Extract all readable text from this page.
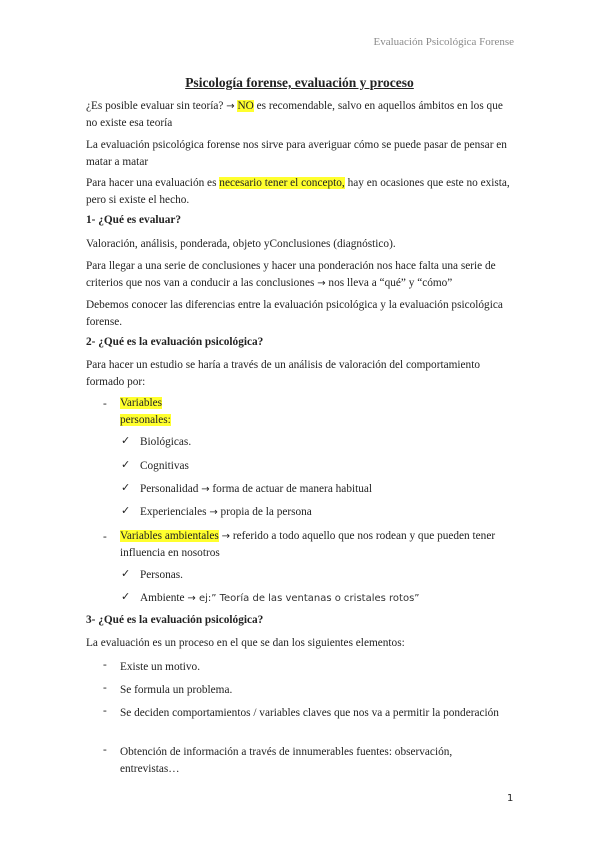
Evaluación Psicológica Forense
Psicología forense, evaluación y proceso
¿Es posible evaluar sin teoría? → NO es recomendable, salvo en aquellos ámbitos en los que no existe esa teoría
La evaluación psicológica forense nos sirve para averiguar cómo se puede pasar de pensar en matar a matar
Para hacer una evaluación es necesario tener el concepto, hay en ocasiones que este no exista, pero si existe el hecho.
1- ¿Qué es evaluar?
Valoración, análisis, ponderada, objeto yConclusiones (diagnóstico).
Para llegar a una serie de conclusiones y hacer una ponderación nos hace falta una serie de criterios que nos van a conducir a las conclusiones → nos lleva a “qué” y “cómo”
Debemos conocer las diferencias entre la evaluación psicológica y la evaluación psicológica forense.
2- ¿Qué es la evaluación psicológica?
Para hacer un estudio se haría a través de un análisis de valoración del comportamiento formado por:
- Variables
personales:
✓ Biológicas.
✓ Cognitivas
✓ Personalidad → forma de actuar de manera habitual
✓ Experienciales → propia de la persona
- Variables ambientales → referido a todo aquello que nos rodean y que pueden tener influencia en nosotros
✓ Personas.
✓ Ambiente → ej:” Teoría de las ventanas o cristales rotos”
3- ¿Qué es la evaluación psicológica?
La evaluación es un proceso en el que se dan los siguientes elementos:
- Existe un motivo.
- Se formula un problema.
- Se deciden comportamientos / variables claves que nos va a permitir la ponderación
- Obtención de información a través de innumerables fuentes: observación, entrevistas…
1
